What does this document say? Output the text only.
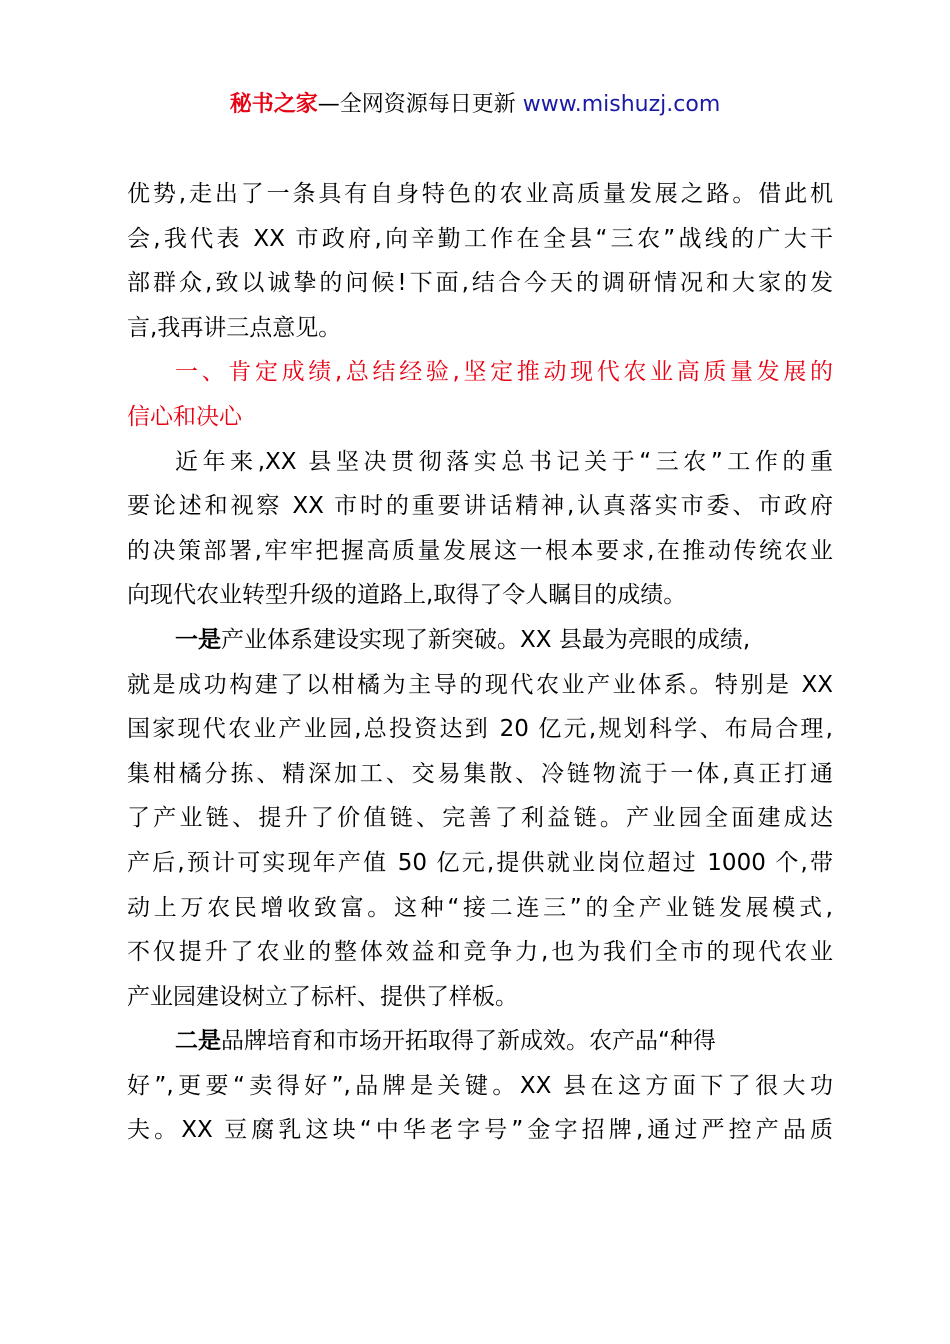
秘书之家—全网资源每日更新 www.mishuzj.com
优势,走出了一条具有自身特色的农业高质量发展之路。借此机
会,我代表 XX 市政府,向辛勤工作在全县“三农”战线的广大干
部群众,致以诚挚的问候!下面,结合今天的调研情况和大家的发
言,我再讲三点意见。
一、肯定成绩,总结经验,坚定推动现代农业高质量发展的
信心和决心
近年来,XX 县坚决贯彻落实总书记关于“三农”工作的重
要论述和视察 XX 市时的重要讲话精神,认真落实市委、市政府
的决策部署,牢牢把握高质量发展这一根本要求,在推动传统农业
向现代农业转型升级的道路上,取得了令人瞩目的成绩。
一是产业体系建设实现了新突破。XX 县最为亮眼的成绩,
就是成功构建了以柑橘为主导的现代农业产业体系。特别是 XX
国家现代农业产业园,总投资达到 20 亿元,规划科学、布局合理,
集柑橘分拣、精深加工、交易集散、冷链物流于一体,真正打通
了产业链、提升了价值链、完善了利益链。产业园全面建成达
产后,预计可实现年产值 50 亿元,提供就业岗位超过 1000 个,带
动上万农民增收致富。这种“接二连三”的全产业链发展模式,
不仅提升了农业的整体效益和竞争力,也为我们全市的现代农业
产业园建设树立了标杆、提供了样板。
二是品牌培育和市场开拓取得了新成效。农产品“种得
好”,更要“卖得好”,品牌是关键。XX 县在这方面下了很大功
夫。XX 豆腐乳这块“中华老字号”金字招牌,通过严控产品质
